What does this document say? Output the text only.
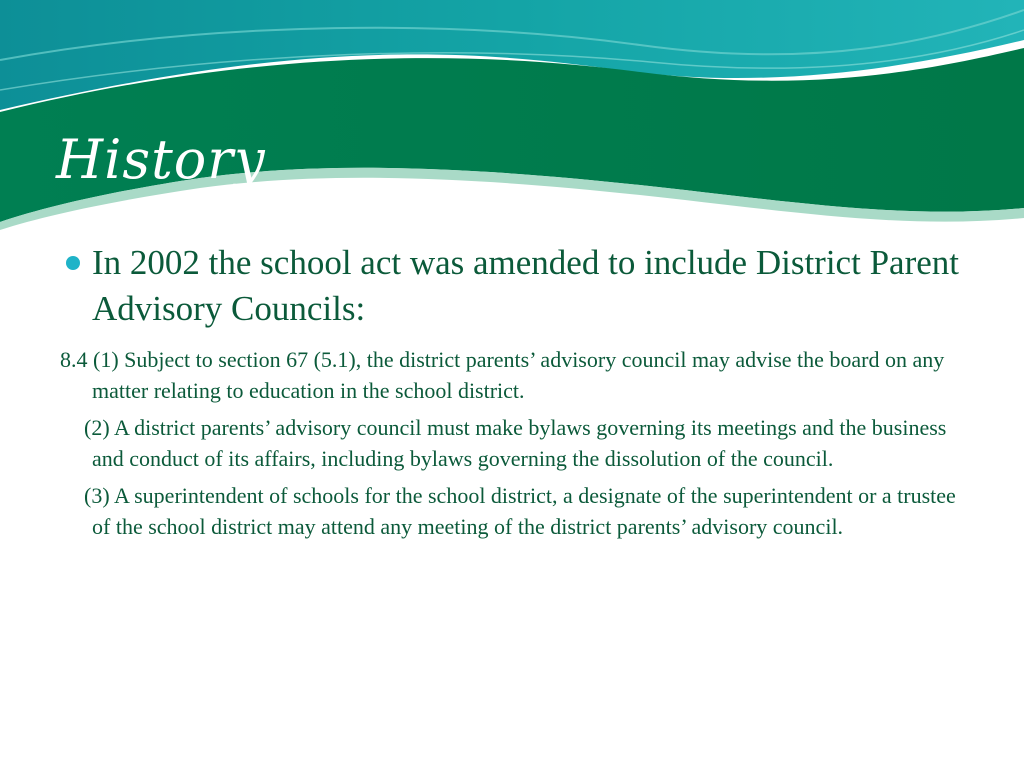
History

In 2002 the school act was amended to include District Parent Advisory Councils:

8.4 (1) Subject to section 67 (5.1), the district parents’ advisory council may advise the board on any matter relating to education in the school district.

(2) A district parents’ advisory council must make bylaws governing its meetings and the business and conduct of its affairs, including bylaws governing the dissolution of the council.

(3) A superintendent of schools for the school district, a designate of the superintendent or a trustee of the school district may attend any meeting of the district parents’ advisory council.
